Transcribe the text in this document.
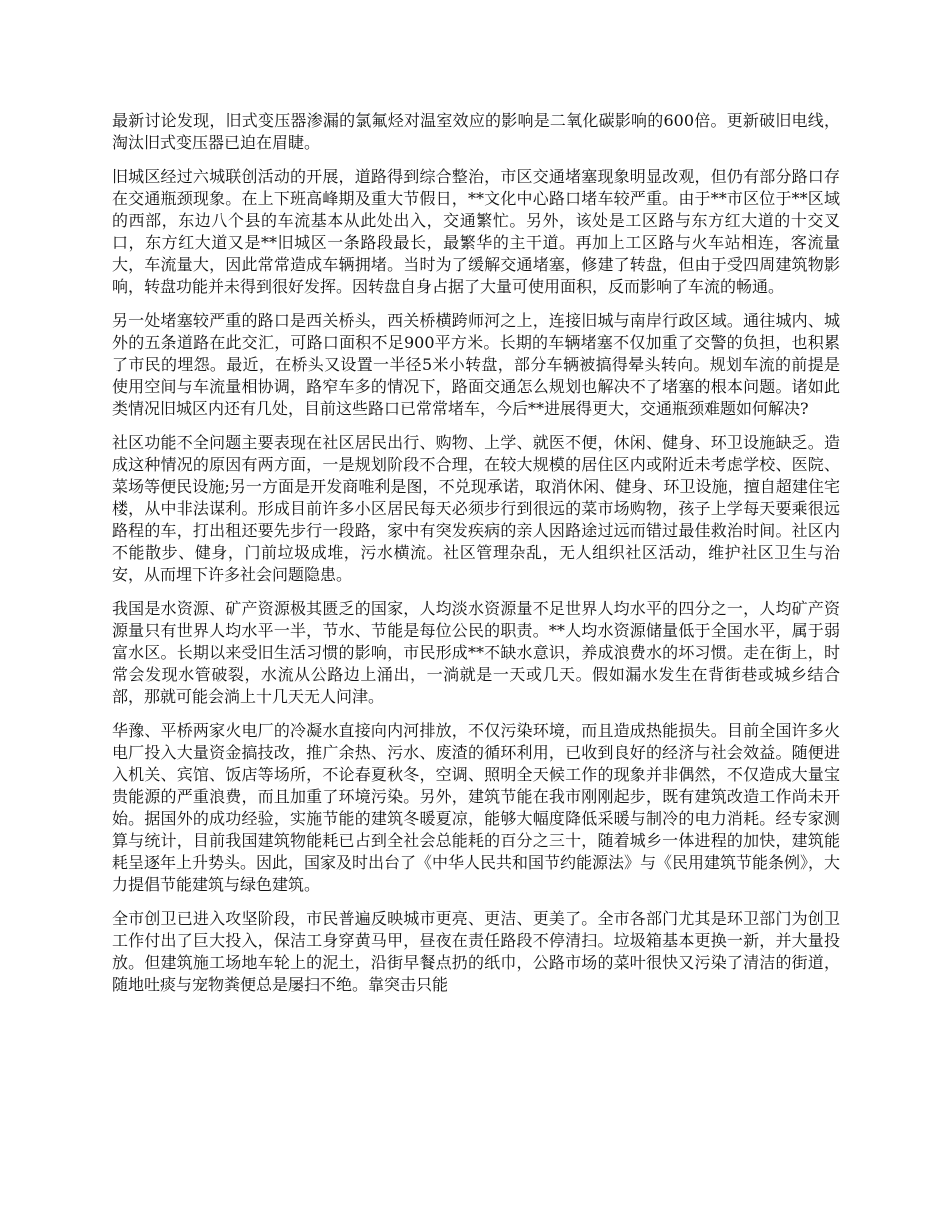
最新讨论发现，旧式变压器渗漏的氯氟烃对温室效应的影响是二氧化碳影响的600倍。更新破旧电线，淘汰旧式变压器已迫在眉睫。

旧城区经过六城联创活动的开展，道路得到综合整治，市区交通堵塞现象明显改观，但仍有部分路口存在交通瓶颈现象。在上下班高峰期及重大节假日，**文化中心路口堵车较严重。由于**市区位于**区域的西部，东边八个县的车流基本从此处出入，交通繁忙。另外，该处是工区路与东方红大道的十交叉口，东方红大道又是**旧城区一条路段最长，最繁华的主干道。再加上工区路与火车站相连，客流量大，车流量大，因此常常造成车辆拥堵。当时为了缓解交通堵塞，修建了转盘，但由于受四周建筑物影响，转盘功能并未得到很好发挥。因转盘自身占据了大量可使用面积，反而影响了车流的畅通。

另一处堵塞较严重的路口是西关桥头，西关桥横跨师河之上，连接旧城与南岸行政区域。通往城内、城外的五条道路在此交汇，可路口面积不足900平方米。长期的车辆堵塞不仅加重了交警的负担，也积累了市民的埋怨。最近，在桥头又设置一半径5米小转盘，部分车辆被搞得晕头转向。规划车流的前提是使用空间与车流量相协调，路窄车多的情况下，路面交通怎么规划也解决不了堵塞的根本问题。诸如此类情况旧城区内还有几处，目前这些路口已常常堵车，今后**进展得更大，交通瓶颈难题如何解决?

社区功能不全问题主要表现在社区居民出行、购物、上学、就医不便，休闲、健身、环卫设施缺乏。造成这种情况的原因有两方面，一是规划阶段不合理，在较大规模的居住区内或附近未考虑学校、医院、菜场等便民设施;另一方面是开发商唯利是图，不兑现承诺，取消休闲、健身、环卫设施，擅自超建住宅楼，从中非法谋利。形成目前许多小区居民每天必须步行到很远的菜市场购物，孩子上学每天要乘很远路程的车，打出租还要先步行一段路，家中有突发疾病的亲人因路途过远而错过最佳救治时间。社区内不能散步、健身，门前垃圾成堆，污水横流。社区管理杂乱，无人组织社区活动，维护社区卫生与治安，从而埋下许多社会问题隐患。

我国是水资源、矿产资源极其匮乏的国家，人均淡水资源量不足世界人均水平的四分之一，人均矿产资源量只有世界人均水平一半，节水、节能是每位公民的职责。**人均水资源储量低于全国水平，属于弱富水区。长期以来受旧生活习惯的影响，市民形成**不缺水意识，养成浪费水的坏习惯。走在街上，时常会发现水管破裂，水流从公路边上涌出，一淌就是一天或几天。假如漏水发生在背街巷或城乡结合部，那就可能会淌上十几天无人问津。

华豫、平桥两家火电厂的冷凝水直接向内河排放，不仅污染环境，而且造成热能损失。目前全国许多火电厂投入大量资金搞技改，推广余热、污水、废渣的循环利用，已收到良好的经济与社会效益。随便进入机关、宾馆、饭店等场所，不论春夏秋冬，空调、照明全天候工作的现象并非偶然，不仅造成大量宝贵能源的严重浪费，而且加重了环境污染。另外，建筑节能在我市刚刚起步，既有建筑改造工作尚未开始。据国外的成功经验，实施节能的建筑冬暖夏凉，能够大幅度降低采暖与制冷的电力消耗。经专家测算与统计，目前我国建筑物能耗已占到全社会总能耗的百分之三十，随着城乡一体进程的加快，建筑能耗呈逐年上升势头。因此，国家及时出台了《中华人民共和国节约能源法》与《民用建筑节能条例》，大力提倡节能建筑与绿色建筑。

全市创卫已进入攻坚阶段，市民普遍反映城市更亮、更洁、更美了。全市各部门尤其是环卫部门为创卫工作付出了巨大投入，保洁工身穿黄马甲，昼夜在责任路段不停清扫。垃圾箱基本更换一新，并大量投放。但建筑施工场地车轮上的泥土，沿街早餐点扔的纸巾，公路市场的菜叶很快又污染了清洁的街道，随地吐痰与宠物粪便总是屡扫不绝。靠突击只能
